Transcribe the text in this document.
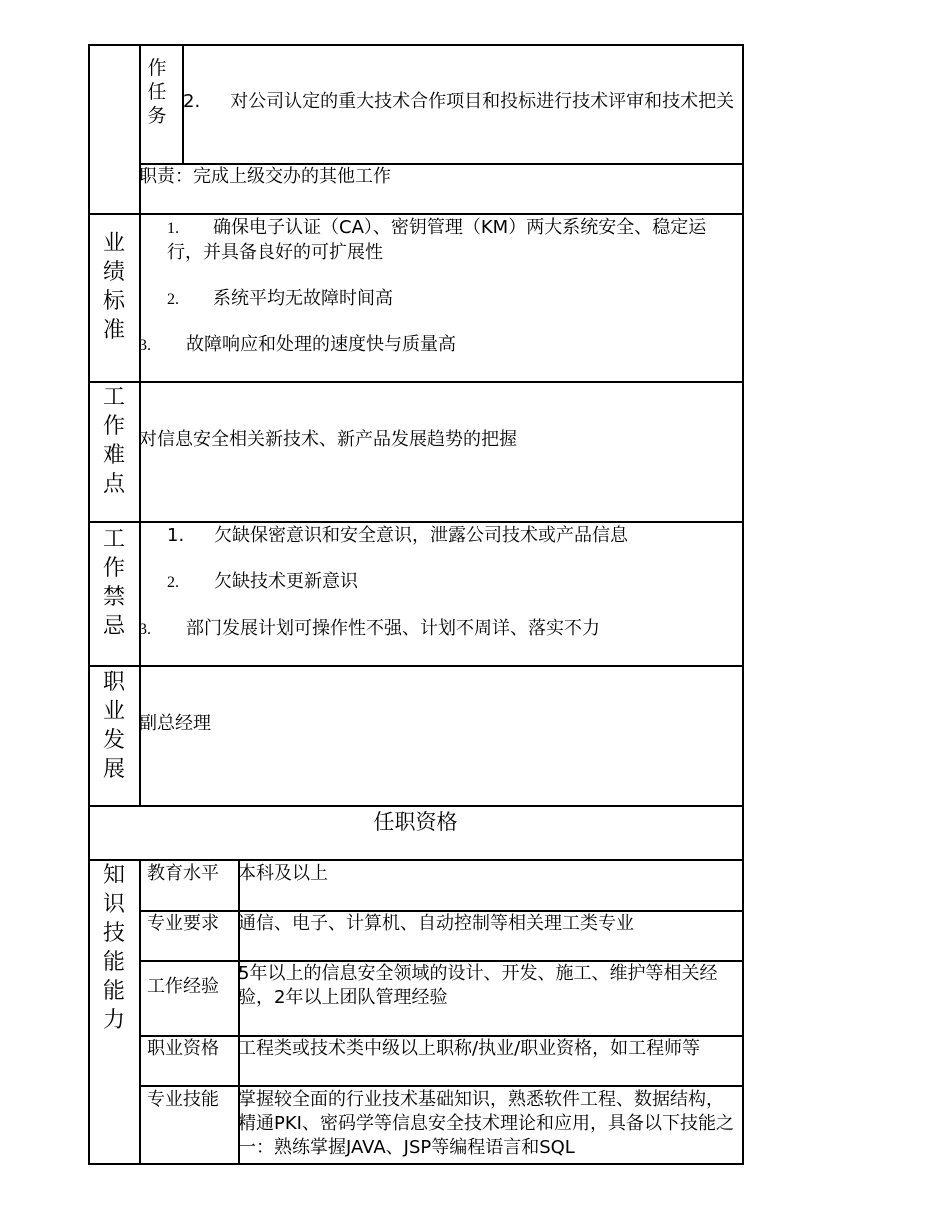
作任务
2. 对公司认定的重大技术合作项目和投标进行技术评审和技术把关
职责：完成上级交办的其他工作
业绩标准
1. 确保电子认证（CA）、密钥管理（KM）两大系统安全、稳定运行，并具备良好的可扩展性
2. 系统平均无故障时间高
3. 故障响应和处理的速度快与质量高
工作难点
对信息安全相关新技术、新产品发展趋势的把握
工作禁忌
1. 欠缺保密意识和安全意识，泄露公司技术或产品信息
2. 欠缺技术更新意识
3. 部门发展计划可操作性不强、计划不周详、落实不力
职业发展
副总经理
任职资格
知识技能能力
教育水平 本科及以上
专业要求 通信、电子、计算机、自动控制等相关理工类专业
工作经验
5年以上的信息安全领域的设计、开发、施工、维护等相关经验，2年以上团队管理经验
职业资格 工程类或技术类中级以上职称/执业/职业资格，如工程师等
专业技能 掌握较全面的行业技术基础知识，熟悉软件工程、数据结构，精通PKI、密码学等信息安全技术理论和应用，具备以下技能之一：熟练掌握JAVA、JSP等编程语言和SQL
